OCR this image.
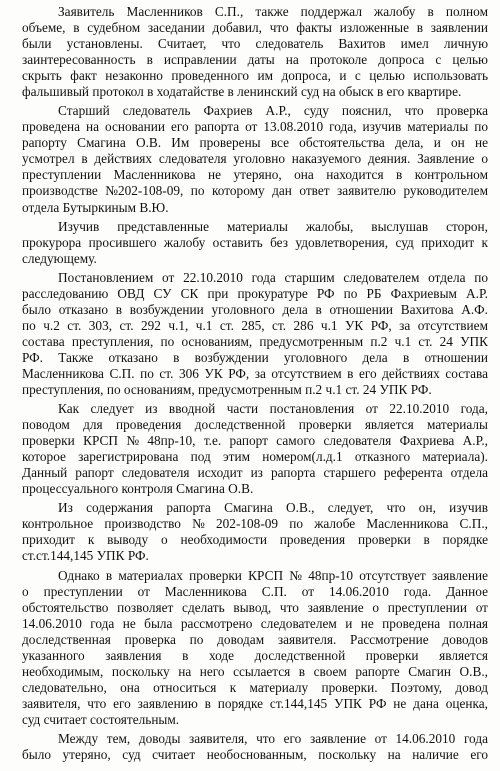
Заявитель Масленников С.П., также поддержал жалобу в полном
объеме, в судебном заседании добавил, что факты изложенные в заявлении
были установлены. Считает, что следователь Вахитов имел личную
заинтересованность в исправлении даты на протоколе допроса с целью
скрыть факт незаконно проведенного им допроса, и с целью использовать
фальшивый протокол в ходатайстве в ленинский суд на обыск в его квартире.
Старший следователь Фахриев А.Р., суду пояснил, что проверка
проведена на основании его рапорта от 13.08.2010 года, изучив материалы по
рапорту Смагина О.В. Им проверены все обстоятельства дела, и он не
усмотрел в действиях следователя уголовно наказуемого деяния. Заявление о
преступлении Масленникова не утеряно, она находится в контрольном
производстве №202-108-09, по которому дан ответ заявителю руководителем
отдела Бутыркиным В.Ю.
Изучив представленные материалы жалобы, выслушав сторон,
прокурора просившего жалобу оставить без удовлетворения, суд приходит к
следующему.
Постановлением от 22.10.2010 года старшим следователем отдела по
расследованию ОВД СУ СК при прокуратуре РФ по РБ Фахриевым А.Р.
было отказано в возбуждении уголовного дела в отношении Вахитова А.Ф.
по ч.2 ст. 303, ст. 292 ч.1, ч.1 ст. 285, ст. 286 ч.1 УК РФ, за отсутствием
состава преступления, по основаниям, предусмотренным п.2 ч.1 ст. 24 УПК
РФ. Также отказано в возбуждении уголовного дела в отношении
Масленникова С.П. по ст. 306 УК РФ, за отсутствием в его действиях состава
преступления, по основаниям, предусмотренным п.2 ч.1 ст. 24 УПК РФ.
Как следует из вводной части постановления от 22.10.2010 года,
поводом для проведения доследственной проверки является материалы
проверки КРСП № 48пр-10, т.е. рапорт самого следователя Фахриева А.Р.,
которое зарегистрирована под этим номером(л.д.1 отказного материала).
Данный рапорт следователя исходит из рапорта старшего референта отдела
процессуального контроля Смагина О.В.
Из содержания рапорта Смагина О.В., следует, что он, изучив
контрольное производство № 202-108-09 по жалобе Масленникова С.П.,
приходит к выводу о необходимости проведения проверки в порядке
ст.ст.144,145 УПК РФ.
Однако в материалах проверки КРСП № 48пр-10 отсутствует заявление
о преступлении от Масленникова С.П. от 14.06.2010 года. Данное
обстоятельство позволяет сделать вывод, что заявление о преступлении от
14.06.2010 года не была рассмотрено следователем и не проведена полная
доследственная проверка по доводам заявителя. Рассмотрение доводов
указанного заявления в ходе доследственной проверки является
необходимым, поскольку на него ссылается в своем рапорте Смагин О.В.,
следовательно, она относиться к материалу проверки. Поэтому, довод
заявителя, что его заявлению в порядке ст.144,145 УПК РФ не дана оценка,
суд считает состоятельным.
Между тем, доводы заявителя, что его заявление от 14.06.2010 года
было утеряно, суд считает необоснованным, поскольку на наличие его
